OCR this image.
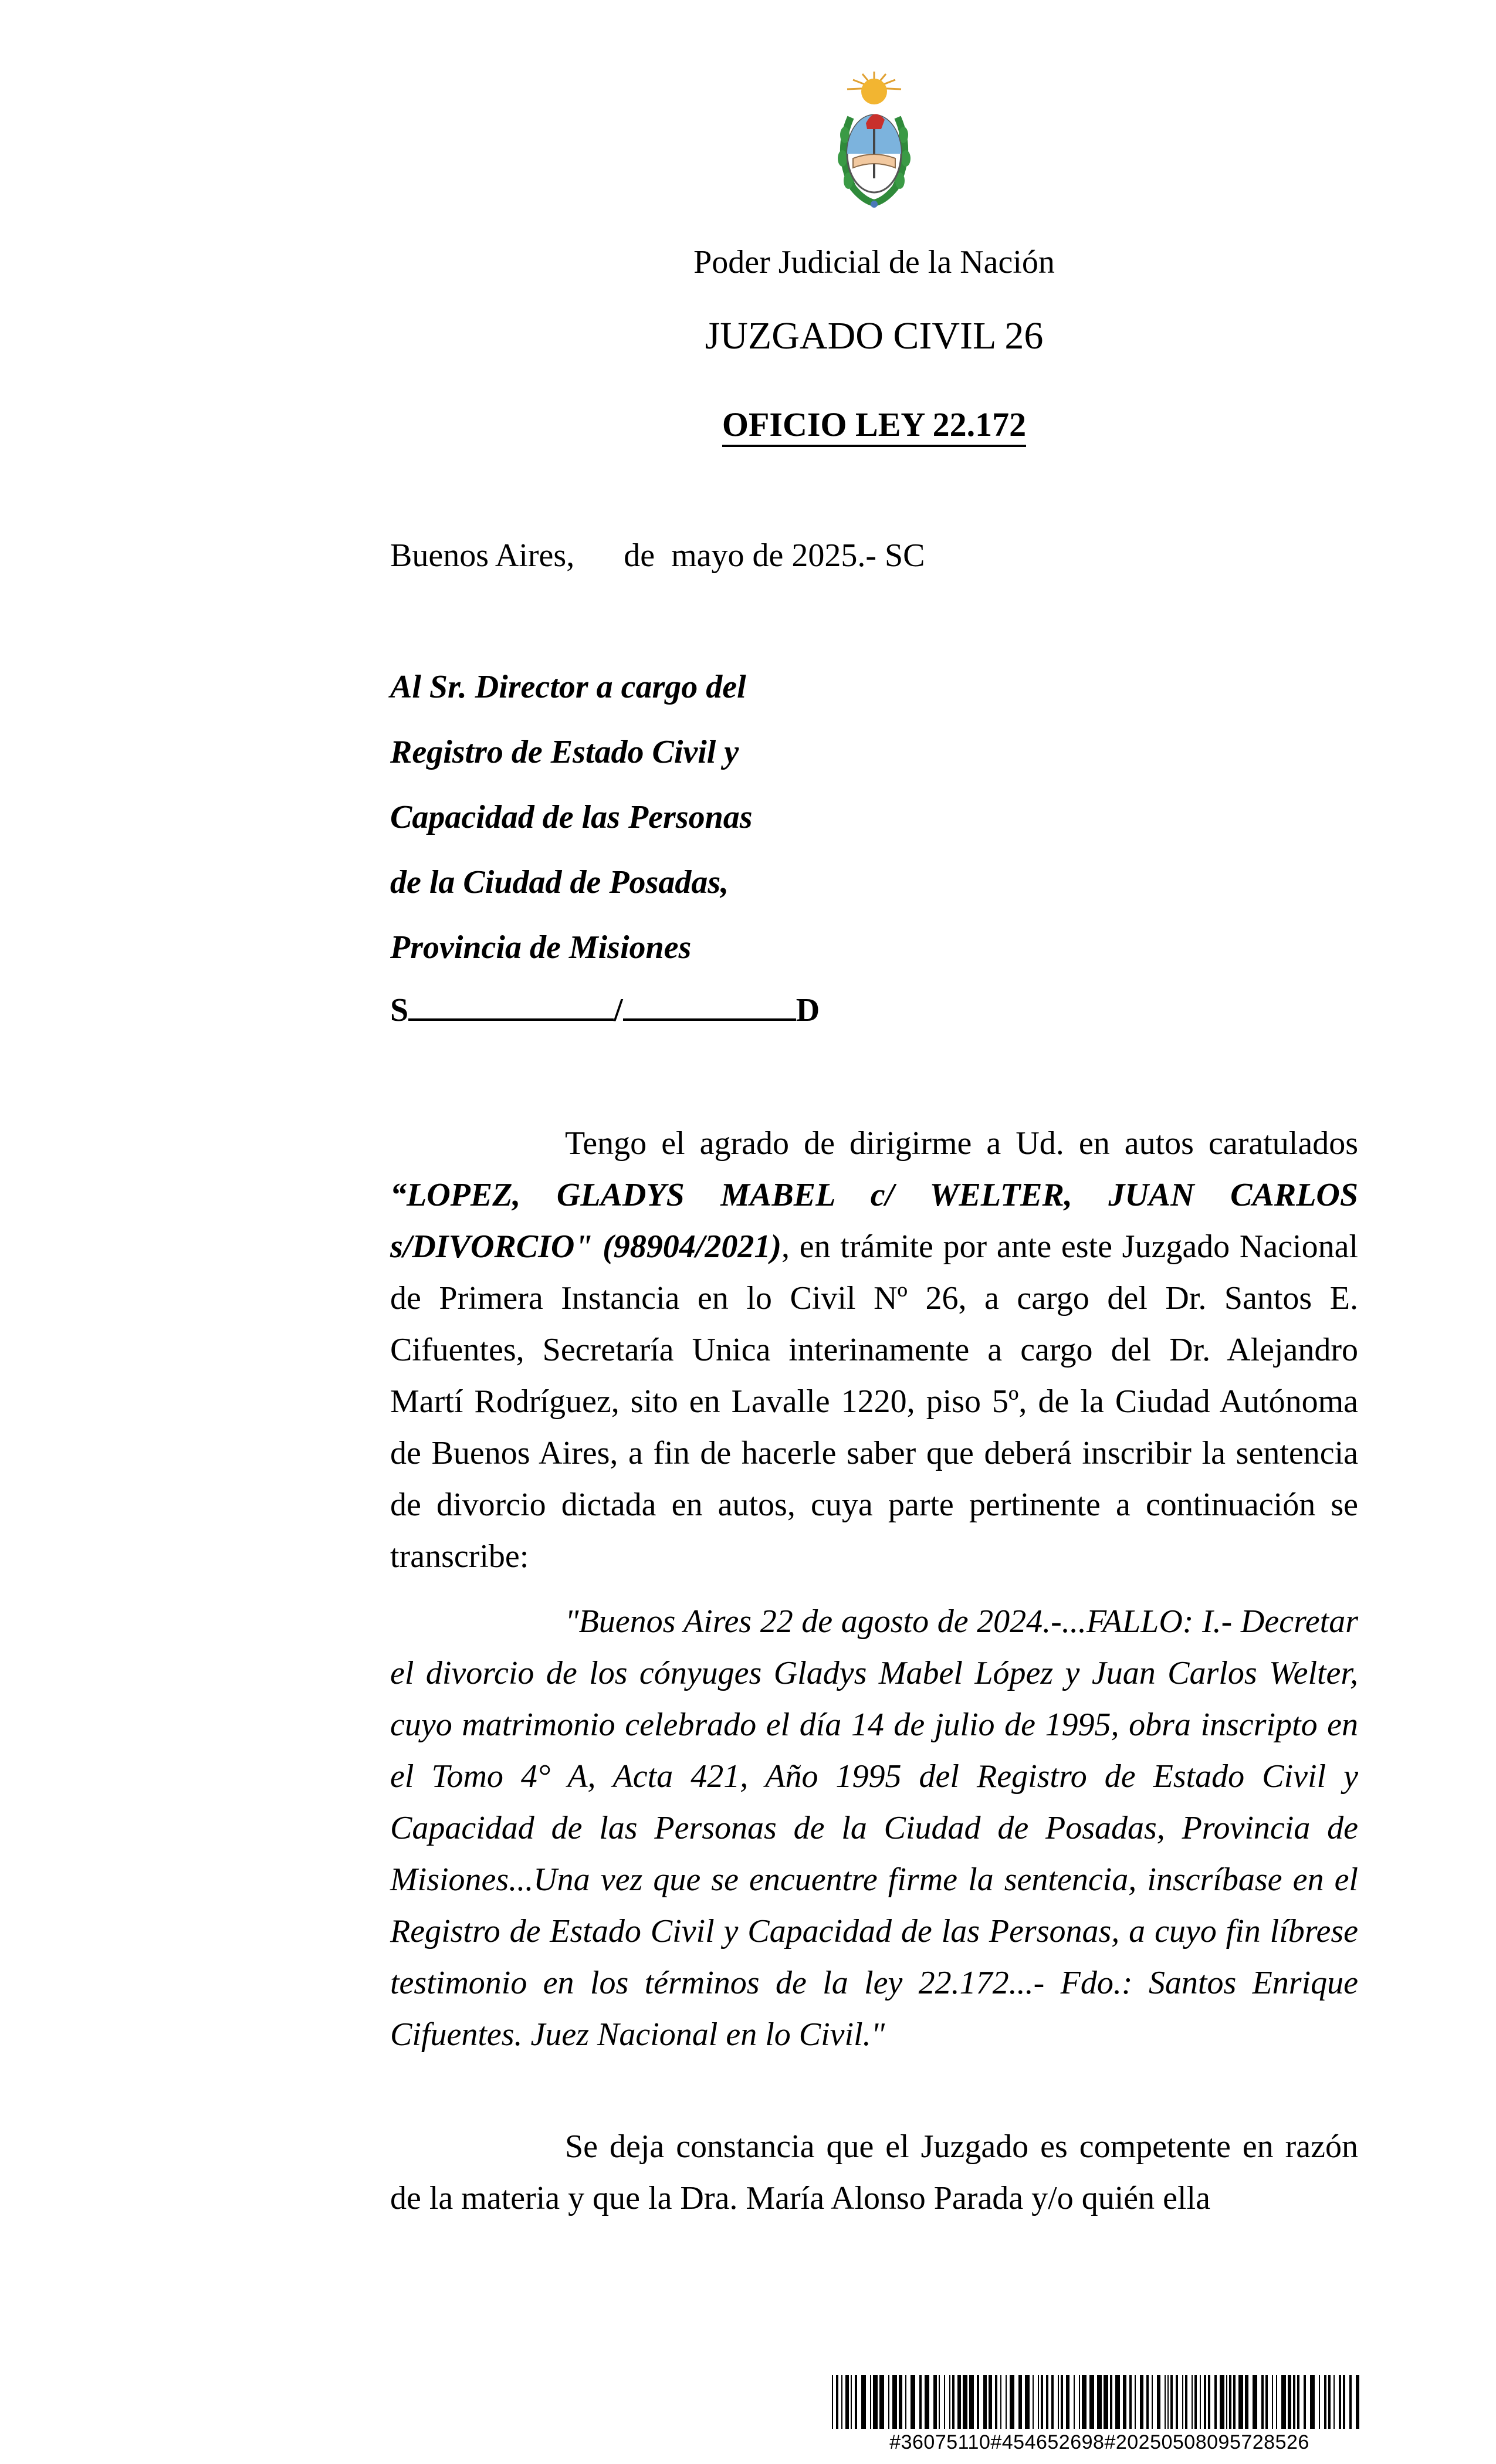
Poder Judicial de la Nación
JUZGADO CIVIL 26
OFICIO LEY 22.172
Buenos Aires,      de  mayo de 2025.- SC
Al Sr. Director a cargo del
Registro de Estado Civil y
Capacidad de las Personas
de la Ciudad de Posadas,
Provincia de Misiones
S	/	D
Tengo el agrado de dirigirme a Ud. en autos caratulados “LOPEZ, GLADYS MABEL c/ WELTER, JUAN CARLOS s/DIVORCIO" (98904/2021), en trámite por ante este Juzgado Nacional de Primera Instancia en lo Civil Nº 26, a cargo del Dr. Santos E. Cifuentes, Secretaría Unica interinamente a cargo del Dr. Alejandro Martí Rodríguez, sito en Lavalle 1220, piso 5º, de la Ciudad Autónoma de Buenos Aires, a fin de hacerle saber que deberá inscribir la sentencia de divorcio dictada en autos, cuya parte pertinente a continuación se transcribe:
"Buenos Aires 22 de agosto de 2024.-...FALLO: I.- Decretar el divorcio de los cónyuges Gladys Mabel López y Juan Carlos Welter, cuyo matrimonio celebrado el día 14 de julio de 1995, obra inscripto en el Tomo 4° A, Acta 421, Año 1995 del Registro de Estado Civil y Capacidad de las Personas de la Ciudad de Posadas, Provincia de Misiones...Una vez que se encuentre firme la sentencia, inscríbase en el Registro de Estado Civil y Capacidad de las Personas, a cuyo fin líbrese testimonio en los términos de la ley 22.172...- Fdo.: Santos Enrique Cifuentes. Juez Nacional en lo Civil."
Se deja constancia que el Juzgado es competente en razón de la materia y que la Dra. María Alonso Parada y/o quién ella
#36075110#454652698#20250508095728526
